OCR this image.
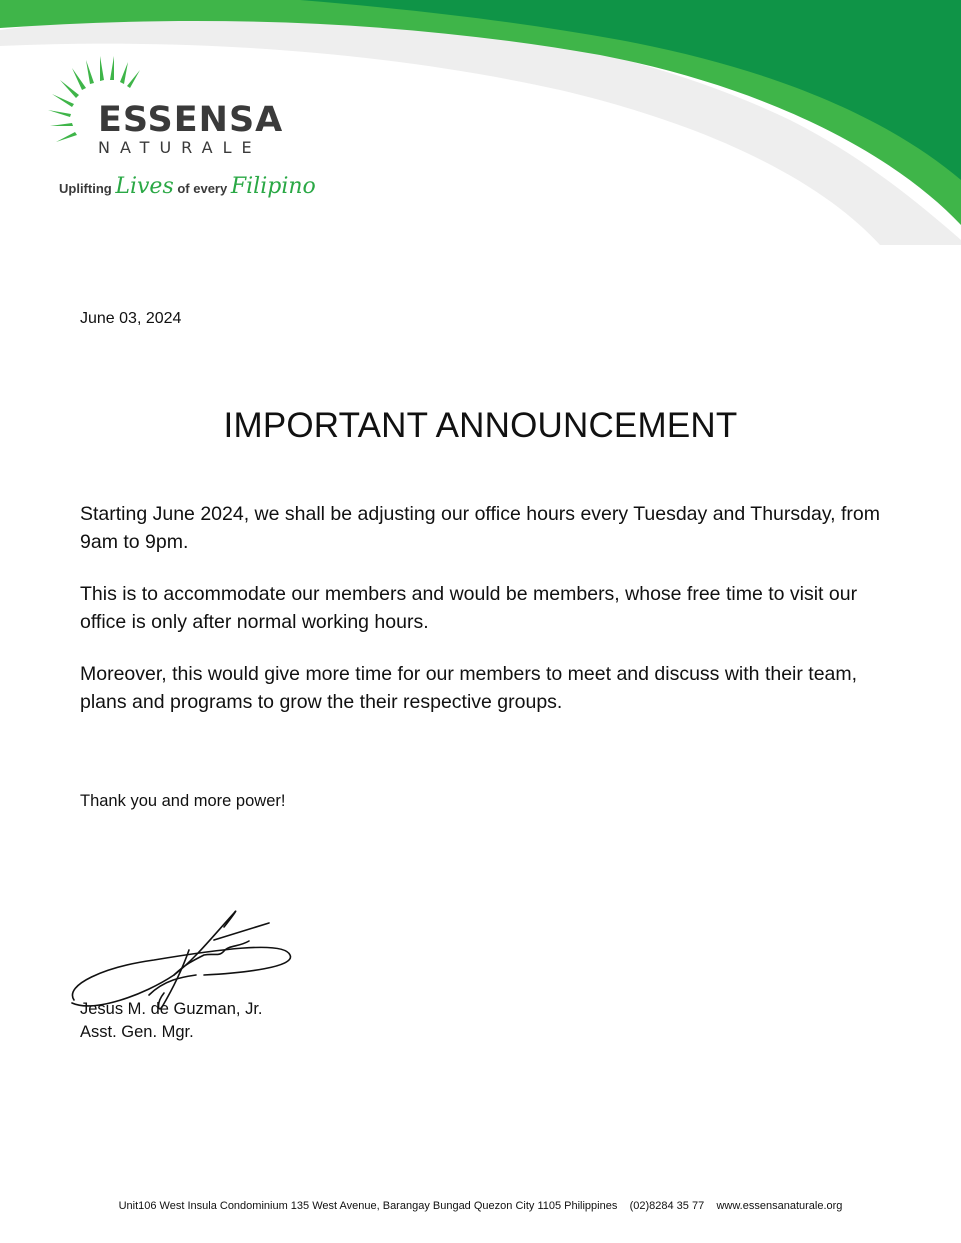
ESSENSA
NATURALE
Uplifting Lives of every Filipino
June 03, 2024
IMPORTANT ANNOUNCEMENT
Starting June 2024, we shall be adjusting our office hours every Tuesday and Thursday, from 9am to 9pm.
This is to accommodate our members and would be members, whose free time to visit our office is only after normal working hours.
Moreover, this would give more time for our members to meet and discuss with their team, plans and programs to grow the their respective groups.
Thank you and more power!
Jesus M. de Guzman, Jr.
Asst. Gen. Mgr.
Unit106 West Insula Condominium 135 West Avenue, Barangay Bungad Quezon City 1105 Philippines (02)8284 35 77 www.essensanaturale.org
